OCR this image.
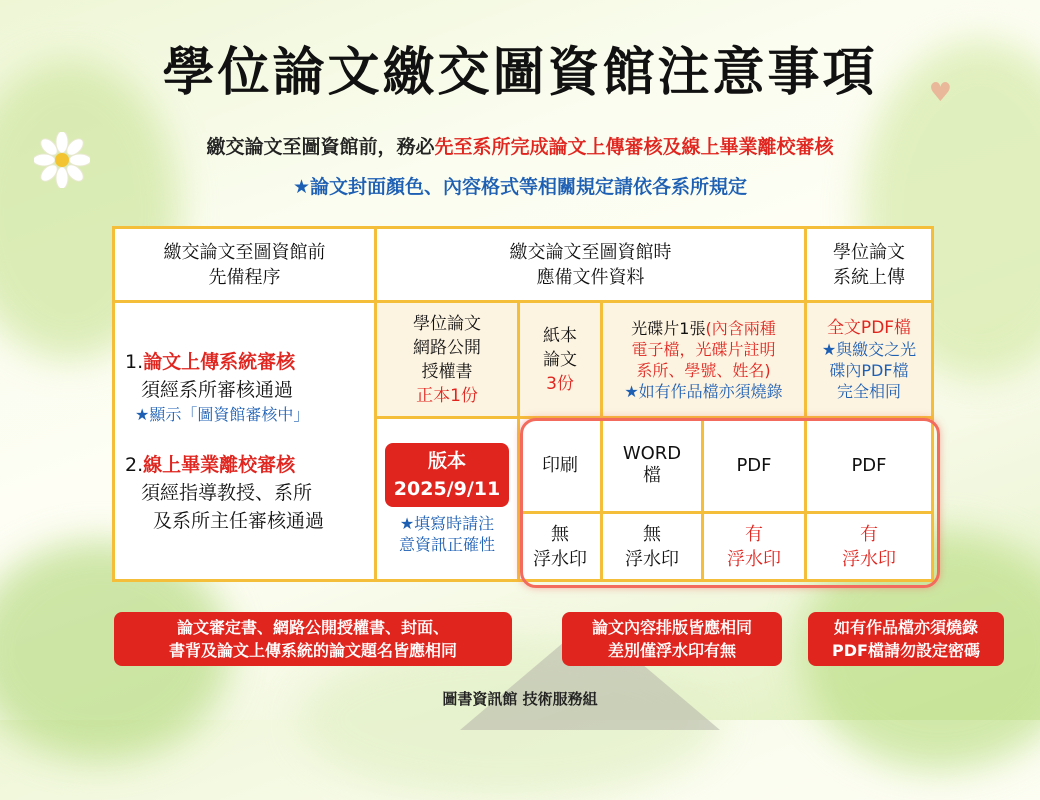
♥
學位論文繳交圖資館注意事項
繳交論文至圖資館前，務必先至系所完成論文上傳審核及線上畢業離校審核
★論文封面顏色、內容格式等相關規定請依各系所規定
繳交論文至圖資館前
先備程序
繳交論文至圖資館時
應備文件資料
學位論文
系統上傳
1.論文上傳系統審核
須經系所審核通過
★顯示「圖資館審核中」
2.線上畢業離校審核
須經指導教授、系所
及系所主任審核通過
學位論文
網路公開
授權書
正本1份
紙本
論文
3份
光碟片1張(內含兩種
電子檔，光碟片註明
系所、學號、姓名)
★如有作品檔亦須燒錄
全文PDF檔
★與繳交之光
碟內PDF檔
完全相同
版本
2025/9/11
★填寫時請注
意資訊正確性
印刷
WORD
檔	PDF	PDF
無
浮水印
無
浮水印
有
浮水印
有
浮水印
論文審定書、網路公開授權書、封面、
書背及論文上傳系統的論文題名皆應相同
論文內容排版皆應相同
差別僅浮水印有無
如有作品檔亦須燒錄
PDF檔請勿設定密碼
圖書資訊館 技術服務組
